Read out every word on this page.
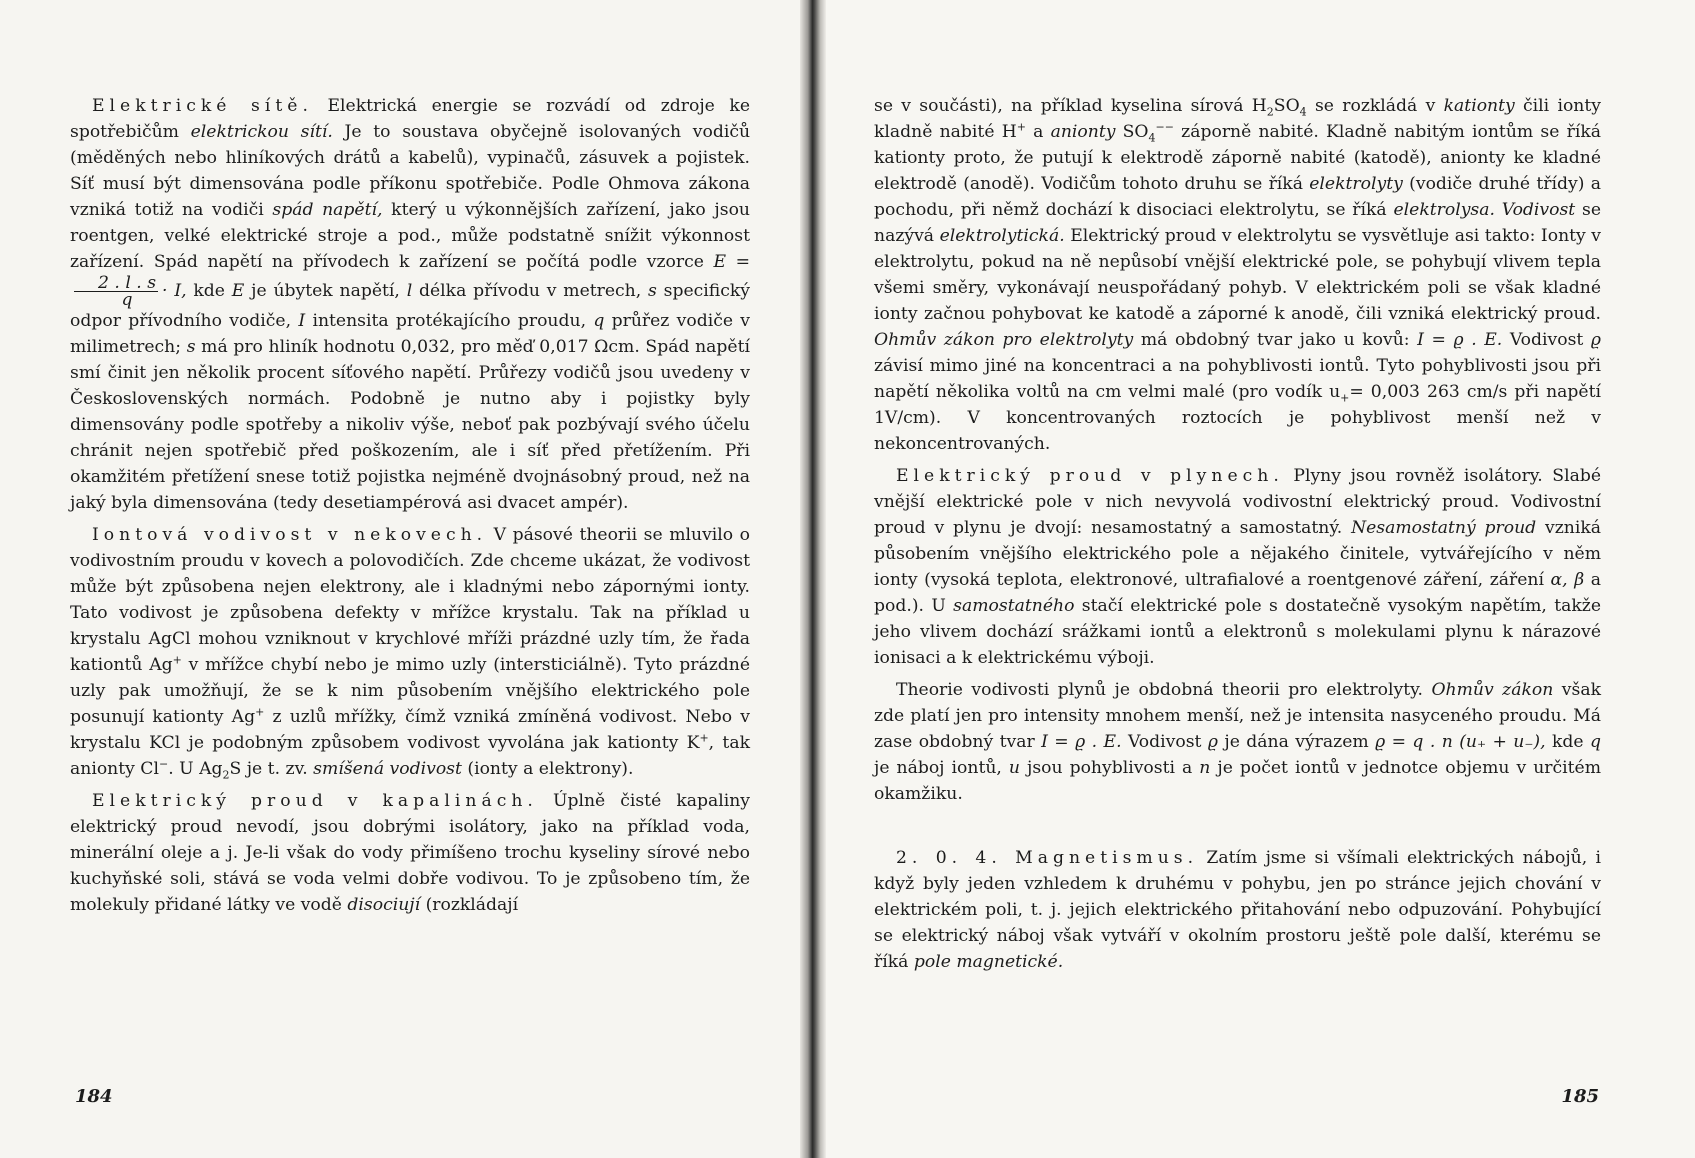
Elektrické sítě. Elektrická energie se rozvádí od zdroje ke spotřebičům elektrickou sítí. Je to soustava obyčejně isolovaných vodičů (měděných nebo hliníkových drátů a kabelů), vypinačů, zásuvek a pojistek. Síť musí být dimensována podle příkonu spotřebiče. Podle Ohmova zákona vzniká totiž na vodiči spád napětí, který u výkonnějších zařízení, jako jsou roentgen, velké elektrické stroje a pod., může podstatně snížit výkonnost zařízení. Spád napětí na přívodech k zařízení se počítá podle vzorce E =
$\frac{2 . l . s}{q} \cdot I$, kde E je úbytek napětí, l délka přívodu v metrech, s specifický odpor přívodního vodiče, I intensita protékajícího proudu, q průřez vodiče v milimetrech; s má pro hliník hodnotu 0,032, pro měď 0,017 Ωcm. Spád napětí smí činit jen několik procent síťového napětí. Průřezy vodičů jsou uvedeny v Československých normách. Podobně je nutno aby i pojistky byly dimensovány podle spotřeby a nikoliv výše, neboť pak pozbývají svého účelu chránit nejen spotřebič před poškozením, ale i síť před přetížením. Při okamžitém přetížení snese totiž pojistka nejméně dvojnásobný proud, než na jaký byla dimensována (tedy desetiampérová asi dvacet ampér).

Iontová vodivost v nekovech. V pásové theorii se mluvilo o vodivostním proudu v kovech a polovodičích. Zde chceme ukázat, že vodivost může být způsobena nejen elektrony, ale i kladnými nebo zápornými ionty. Tato vodivost je způsobena defekty v mřížce krystalu. Tak na příklad u krystalu AgCl mohou vzniknout v krychlové mříži prázdné uzly tím, že řada kationtů Ag+ v mřížce chybí nebo je mimo uzly (intersticiálně). Tyto prázdné uzly pak umožňují, že se k nim působením vnějšího elektrického pole posunují kationty Ag+ z uzlů mřížky, čímž vzniká zmíněná vodivost. Nebo v krystalu KCl je podobným způsobem vodivost vyvolána jak kationty K+, tak anionty Cl−. U $Ag_2S$ je t. zv. smíšená vodivost (ionty a elektrony).

Elektrický proud v kapalinách. Úplně čisté kapaliny elektrický proud nevodí, jsou dobrými isolátory, jako na příklad voda, minerální oleje a j. Je-li však do vody přimíšeno trochu kyseliny sírové nebo kuchyňské soli, stává se voda velmi dobře vodivou. To je způsobeno tím, že molekuly přidané látky ve vodě disociují (rozkládají

184

se v součásti), na příklad kyselina sírová $H_2SO_4$ se rozkládá v kationty čili ionty kladně nabité H+ a anionty $SO_4^{--}$ záporně nabité. Kladně nabitým iontům se říká kationty proto, že putují k elektrodě záporně nabité (katodě), anionty ke kladné elektrodě (anodě). Vodičům tohoto druhu se říká elektrolyty (vodiče druhé třídy) a pochodu, při němž dochází k disociaci elektrolytu, se říká elektrolysa. Vodivost se nazývá elektrolytická. Elektrický proud v elektrolytu se vysvětluje asi takto: Ionty v elektrolytu, pokud na ně nepůsobí vnější elektrické pole, se pohybují vlivem tepla všemi směry, vykonávají neuspořádaný pohyb. V elektrickém poli se však kladné ionty začnou pohybovat ke katodě a záporné k anodě, čili vzniká elektrický proud. Ohmův zákon pro elektrolyty má obdobný tvar jako u kovů: I = ϱ . E. Vodivost ϱ závisí mimo jiné na koncentraci a na pohyblivosti iontů. Tyto pohyblivosti jsou při napětí několika voltů na cm velmi malé (pro vodík $u_+= 0,003$ 263 cm/s při napětí 1V/cm). V koncentrovaných roztocích je pohyblivost menší než v nekoncentrovaných.

Elektrický proud v plynech. Plyny jsou rovněž isolátory. Slabé vnější elektrické pole v nich nevyvolá vodivostní elektrický proud. Vodivostní proud v plynu je dvojí: nesamostatný a samostatný. Nesamostatný proud vzniká působením vnějšího elektrického pole a nějakého činitele, vytvářejícího v něm ionty (vysoká teplota, elektronové, ultrafialové a roentgenové záření, záření α, β a pod.). U samostatného stačí elektrické pole s dostatečně vysokým napětím, takže jeho vlivem dochází srážkami iontů a elektronů s molekulami plynu k nárazové ionisaci a k elektrickému výboji.

Theorie vodivosti plynů je obdobná theorii pro elektrolyty. Ohmův zákon však zde platí jen pro intensity mnohem menší, než je intensita nasyceného proudu. Má zase obdobný tvar I = ϱ . E. Vodivost ϱ je dána výrazem ϱ = q . n (u₊ + u₋), kde q je náboj iontů, u jsou pohyblivosti a n je počet iontů v jednotce objemu v určitém okamžiku.

2. 0. 4. Magnetismus. Zatím jsme si všímali elektrických nábojů, i když byly jeden vzhledem k druhému v pohybu, jen po stránce jejich chování v elektrickém poli, t. j. jejich elektrického přitahování nebo odpuzování. Pohybující se elektrický náboj však vytváří v okolním prostoru ještě pole další, kterému se říká pole magnetické.

185
